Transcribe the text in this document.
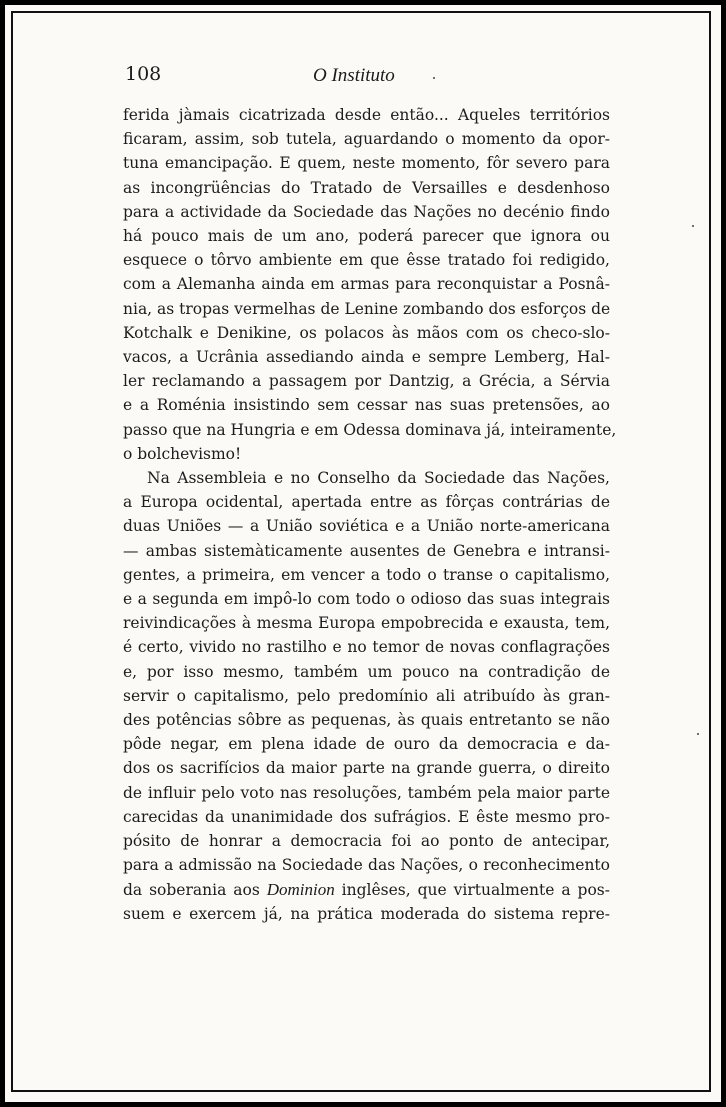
108	O Instituto
ferida jàmais cicatrizada desde então... Aqueles territórios
ficaram, assim, sob tutela, aguardando o momento da opor-
tuna emancipação. E quem, neste momento, fôr severo para
as incongrüências do Tratado de Versailles e desdenhoso
para a actividade da Sociedade das Nações no decénio findo
há pouco mais de um ano, poderá parecer que ignora ou
esquece o tôrvo ambiente em que êsse tratado foi redigido,
com a Alemanha ainda em armas para reconquistar a Posnâ-
nia, as tropas vermelhas de Lenine zombando dos esforços de
Kotchalk e Denikine, os polacos às mãos com os checo-slo-
vacos, a Ucrânia assediando ainda e sempre Lemberg, Hal-
ler reclamando a passagem por Dantzig, a Grécia, a Sérvia
e a Roménia insistindo sem cessar nas suas pretensões, ao
passo que na Hungria e em Odessa dominava já, inteiramente,
o bolchevismo!
Na Assembleia e no Conselho da Sociedade das Nações,
a Europa ocidental, apertada entre as fôrças contrárias de
duas Uniões — a União soviética e a União norte-americana
— ambas sistemàticamente ausentes de Genebra e intransi-
gentes, a primeira, em vencer a todo o transe o capitalismo,
e a segunda em impô-lo com todo o odioso das suas integrais
reivindicações à mesma Europa empobrecida e exausta, tem,
é certo, vivido no rastilho e no temor de novas conflagrações
e, por isso mesmo, também um pouco na contradição de
servir o capitalismo, pelo predomínio ali atribuído às gran-
des potências sôbre as pequenas, às quais entretanto se não
pôde negar, em plena idade de ouro da democracia e da-
dos os sacrifícios da maior parte na grande guerra, o direito
de influir pelo voto nas resoluções, também pela maior parte
carecidas da unanimidade dos sufrágios. E êste mesmo pro-
pósito de honrar a democracia foi ao ponto de antecipar,
para a admissão na Sociedade das Nações, o reconhecimento
da soberania aos Dominion inglêses, que virtualmente a pos-
suem e exercem já, na prática moderada do sistema repre-
